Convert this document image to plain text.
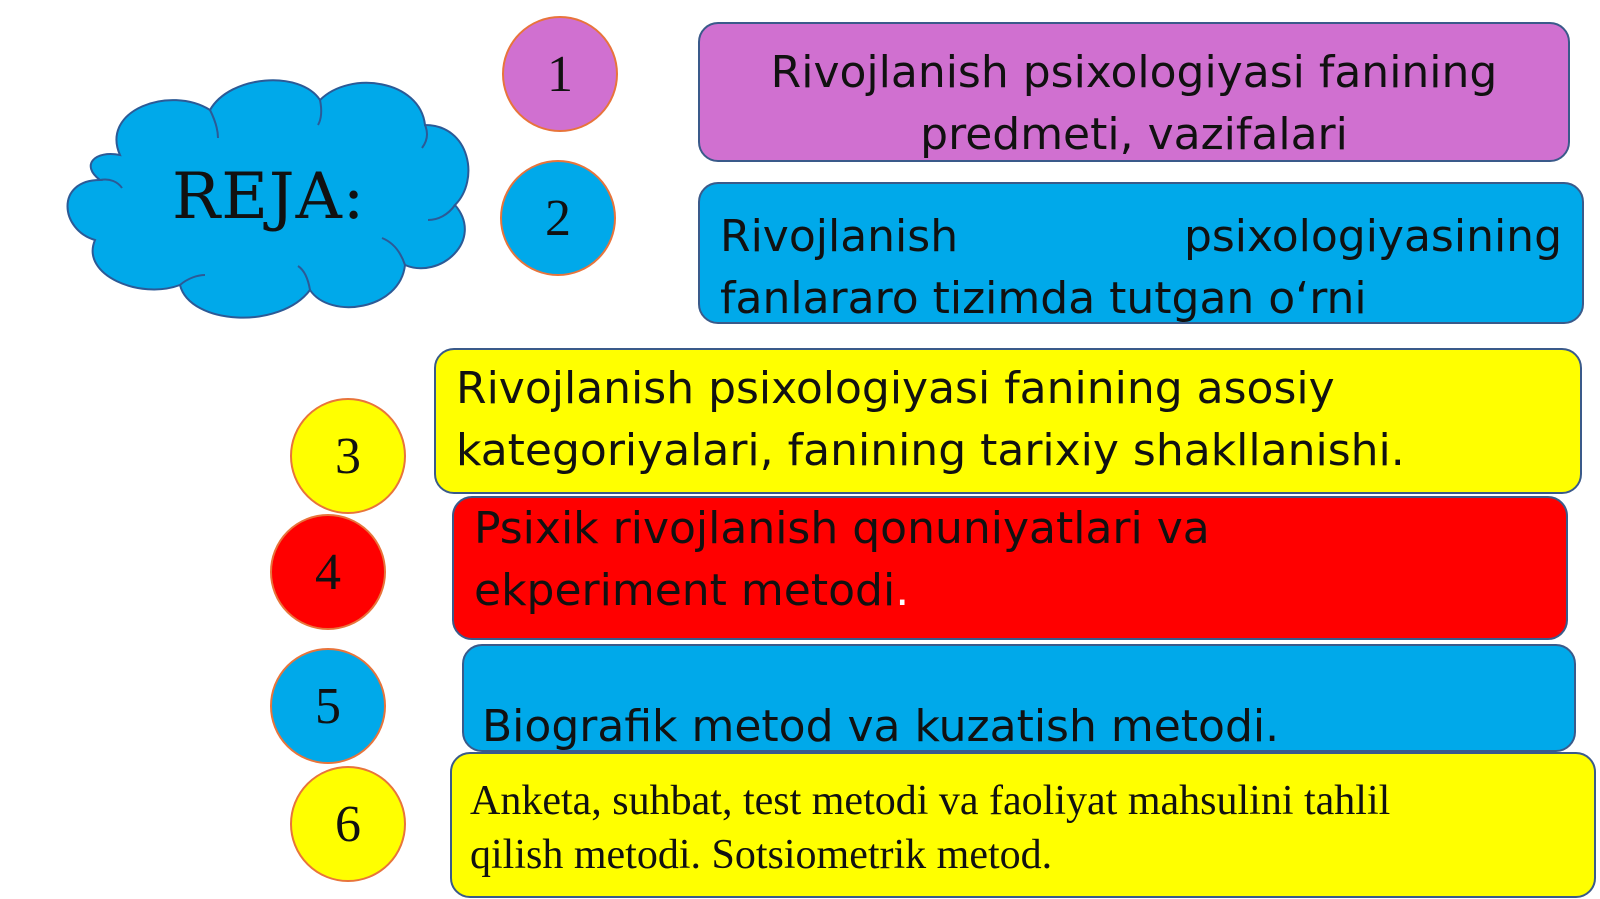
REJA:
1
2
3
4
5
6
Rivojlanish psixologiyasi fanining
predmeti, vazifalari
Rivojlanish	psixologiyasining
fanlararo tizimda tutgan o‘rni
Rivojlanish psixologiyasi fanining asosiy
kategoriyalari, fanining tarixiy shakllanishi.
Psixik rivojlanish qonuniyatlari va
ekperiment metodi.
Biografik metod va kuzatish metodi.
Anketa, suhbat, test metodi va faoliyat mahsulini tahlil
qilish metodi. Sotsiometrik metod.
